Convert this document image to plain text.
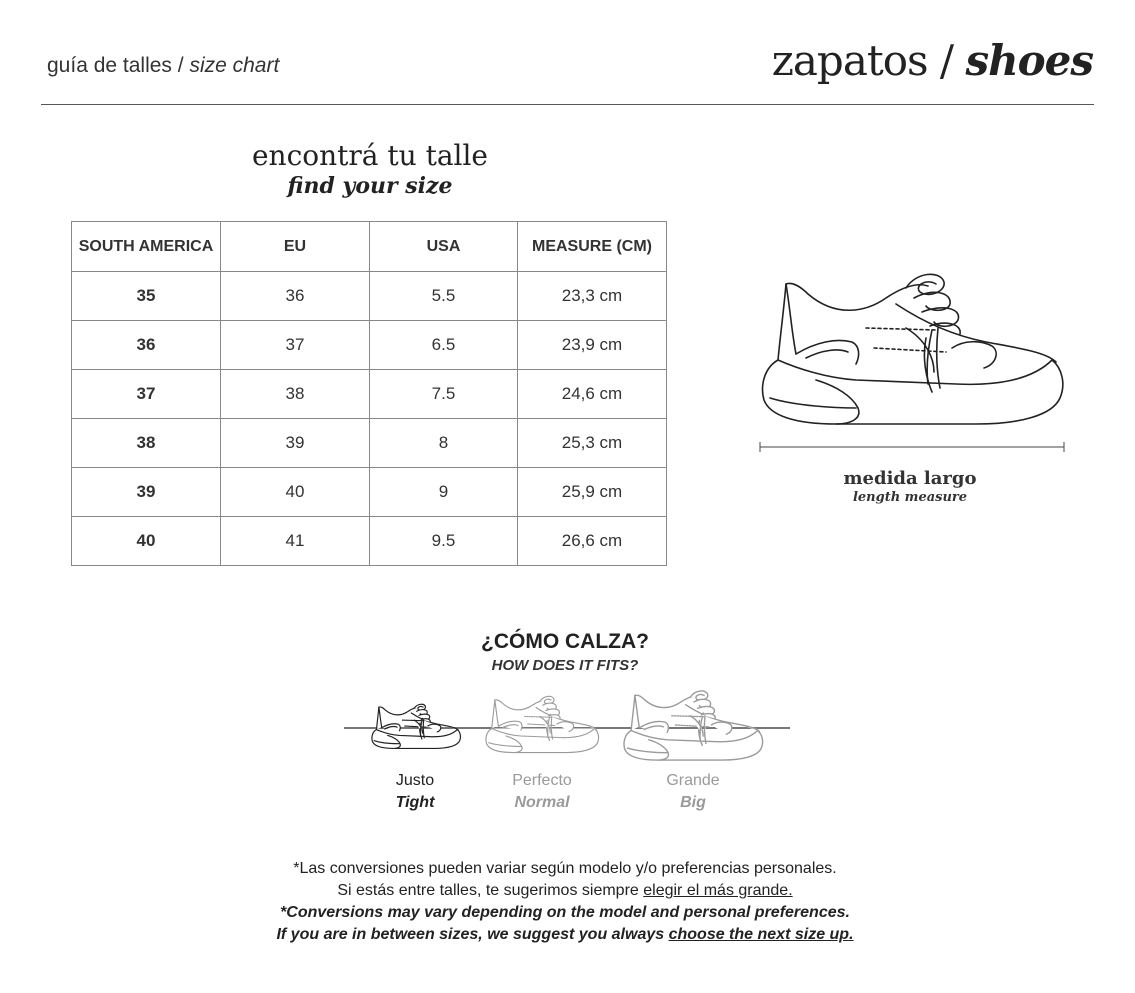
guía de talles / size chart	zapatos / shoes
encontrá tu talle
find your size
SOUTH AMERICA	EU	USA	MEASURE (CM)
35	36	5.5	23,3 cm
36	37	6.5	23,9 cm
37	38	7.5	24,6 cm
38	39	8	25,3 cm
39	40	9	25,9 cm
40	41	9.5	26,6 cm
medida largo
length measure
¿CÓMO CALZA?
HOW DOES IT FITS?
Justo
Tight
Perfecto
Normal
Grande
Big
*Las conversiones pueden variar según modelo y/o preferencias personales.
Si estás entre talles, te sugerimos siempre elegir el más grande.
*Conversions may vary depending on the model and personal preferences.
If you are in between sizes, we suggest you always choose the next size up.
